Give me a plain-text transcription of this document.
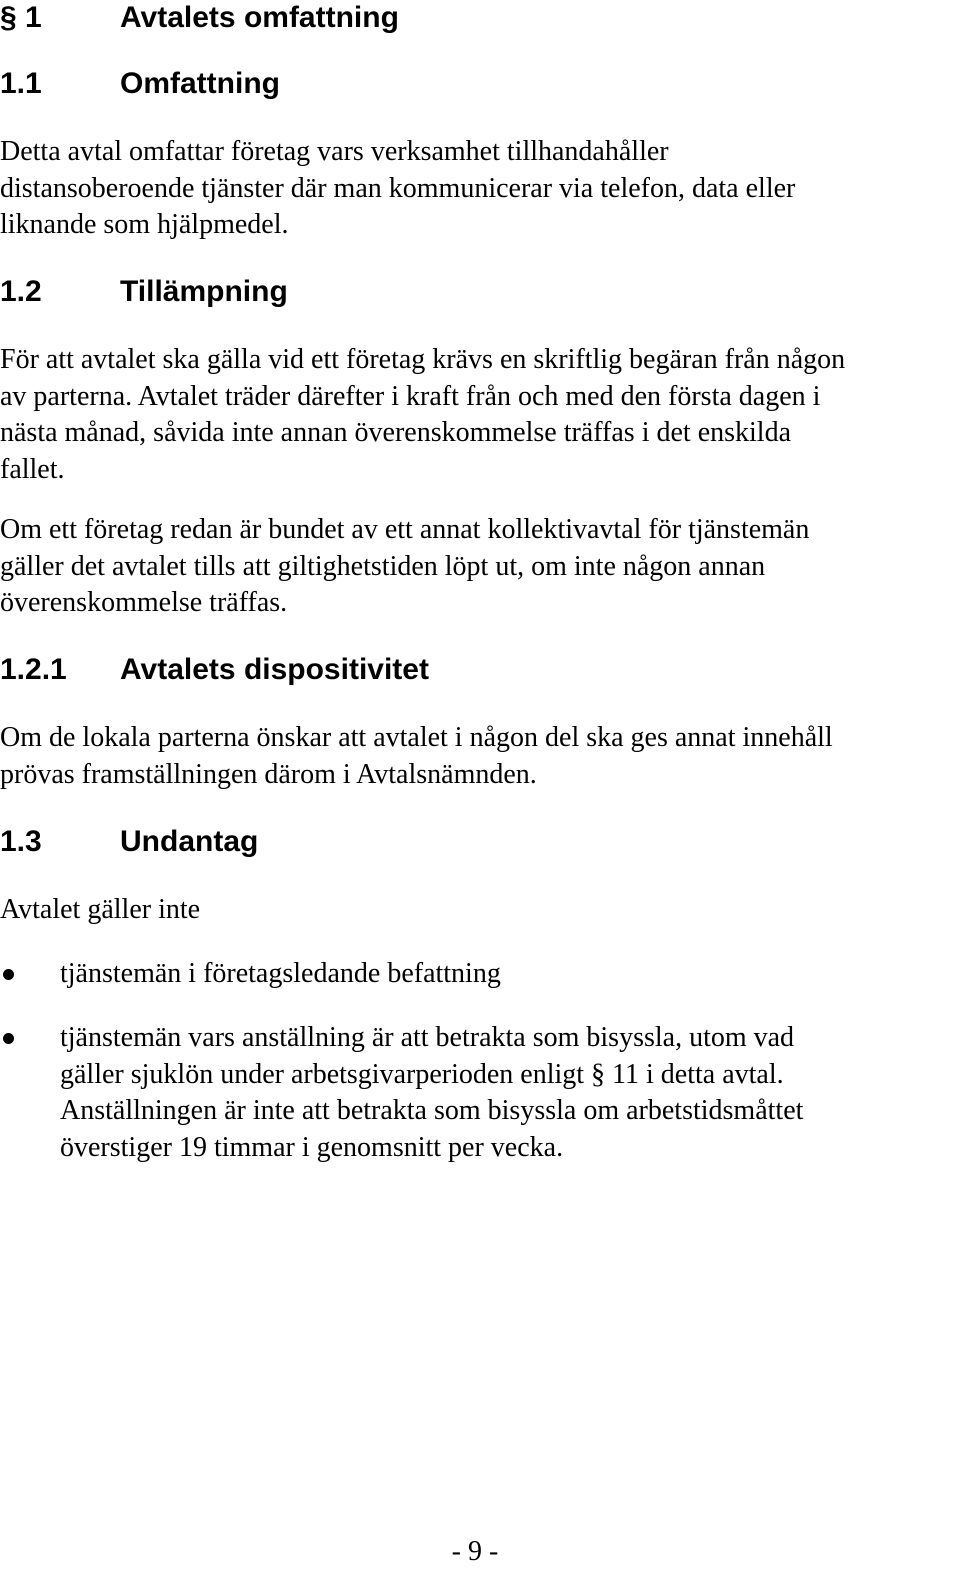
§ 1	Avtalets omfattning
1.1	Omfattning
Detta avtal omfattar företag vars verksamhet tillhandahåller
distansoberoende tjänster där man kommunicerar via telefon, data eller
liknande som hjälpmedel.
1.2	Tillämpning
För att avtalet ska gälla vid ett företag krävs en skriftlig begäran från någon
av parterna. Avtalet träder därefter i kraft från och med den första dagen i
nästa månad, såvida inte annan överenskommelse träffas i det enskilda
fallet.
Om ett företag redan är bundet av ett annat kollektivavtal för tjänstemän
gäller det avtalet tills att giltighetstiden löpt ut, om inte någon annan
överenskommelse träffas.
1.2.1 Avtalets dispositivitet
Om de lokala parterna önskar att avtalet i någon del ska ges annat innehåll
prövas framställningen därom i Avtalsnämnden.
1.3	Undantag
Avtalet gäller inte
tjänstemän i företagsledande befattning
tjänstemän vars anställning är att betrakta som bisyssla, utom vad
gäller sjuklön under arbetsgivarperioden enligt § 11 i detta avtal.
Anställningen är inte att betrakta som bisyssla om arbetstidsmåttet
överstiger 19 timmar i genomsnitt per vecka.
- 9 -
